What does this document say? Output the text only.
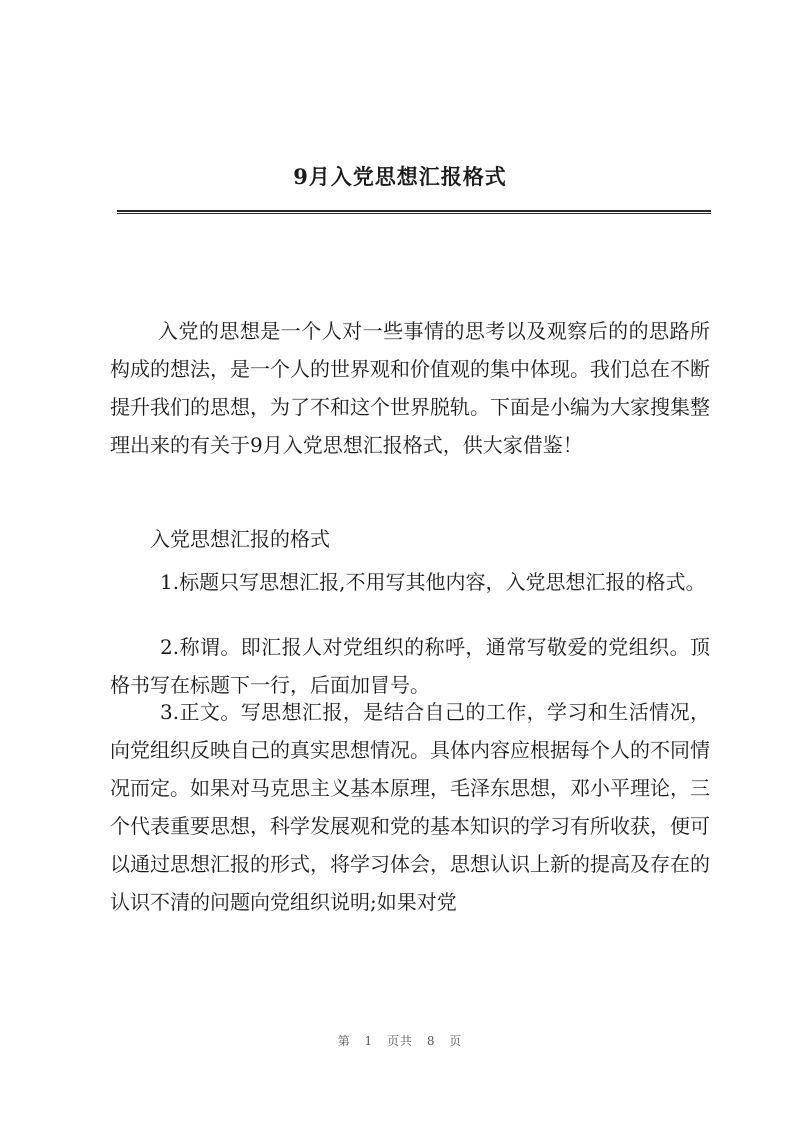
9月入党思想汇报格式

入党的思想是一个人对一些事情的思考以及观察后的的思路所构成的想法，是一个人的世界观和价值观的集中体现。我们总在不断提升我们的思想，为了不和这个世界脱轨。下面是小编为大家搜集整理出来的有关于9月入党思想汇报格式，供大家借鉴！

入党思想汇报的格式

1.标题只写思想汇报,不用写其他内容，入党思想汇报的格式。

2.称谓。即汇报人对党组织的称呼，通常写敬爱的党组织。顶格书写在标题下一行，后面加冒号。

3.正文。写思想汇报，是结合自己的工作，学习和生活情况，向党组织反映自己的真实思想情况。具体内容应根据每个人的不同情况而定。如果对马克思主义基本原理，毛泽东思想，邓小平理论，三个代表重要思想，科学发展观和党的基本知识的学习有所收获，便可以通过思想汇报的形式，将学习体会，思想认识上新的提高及存在的认识不清的问题向党组织说明;如果对党

第 1 页共 8 页
